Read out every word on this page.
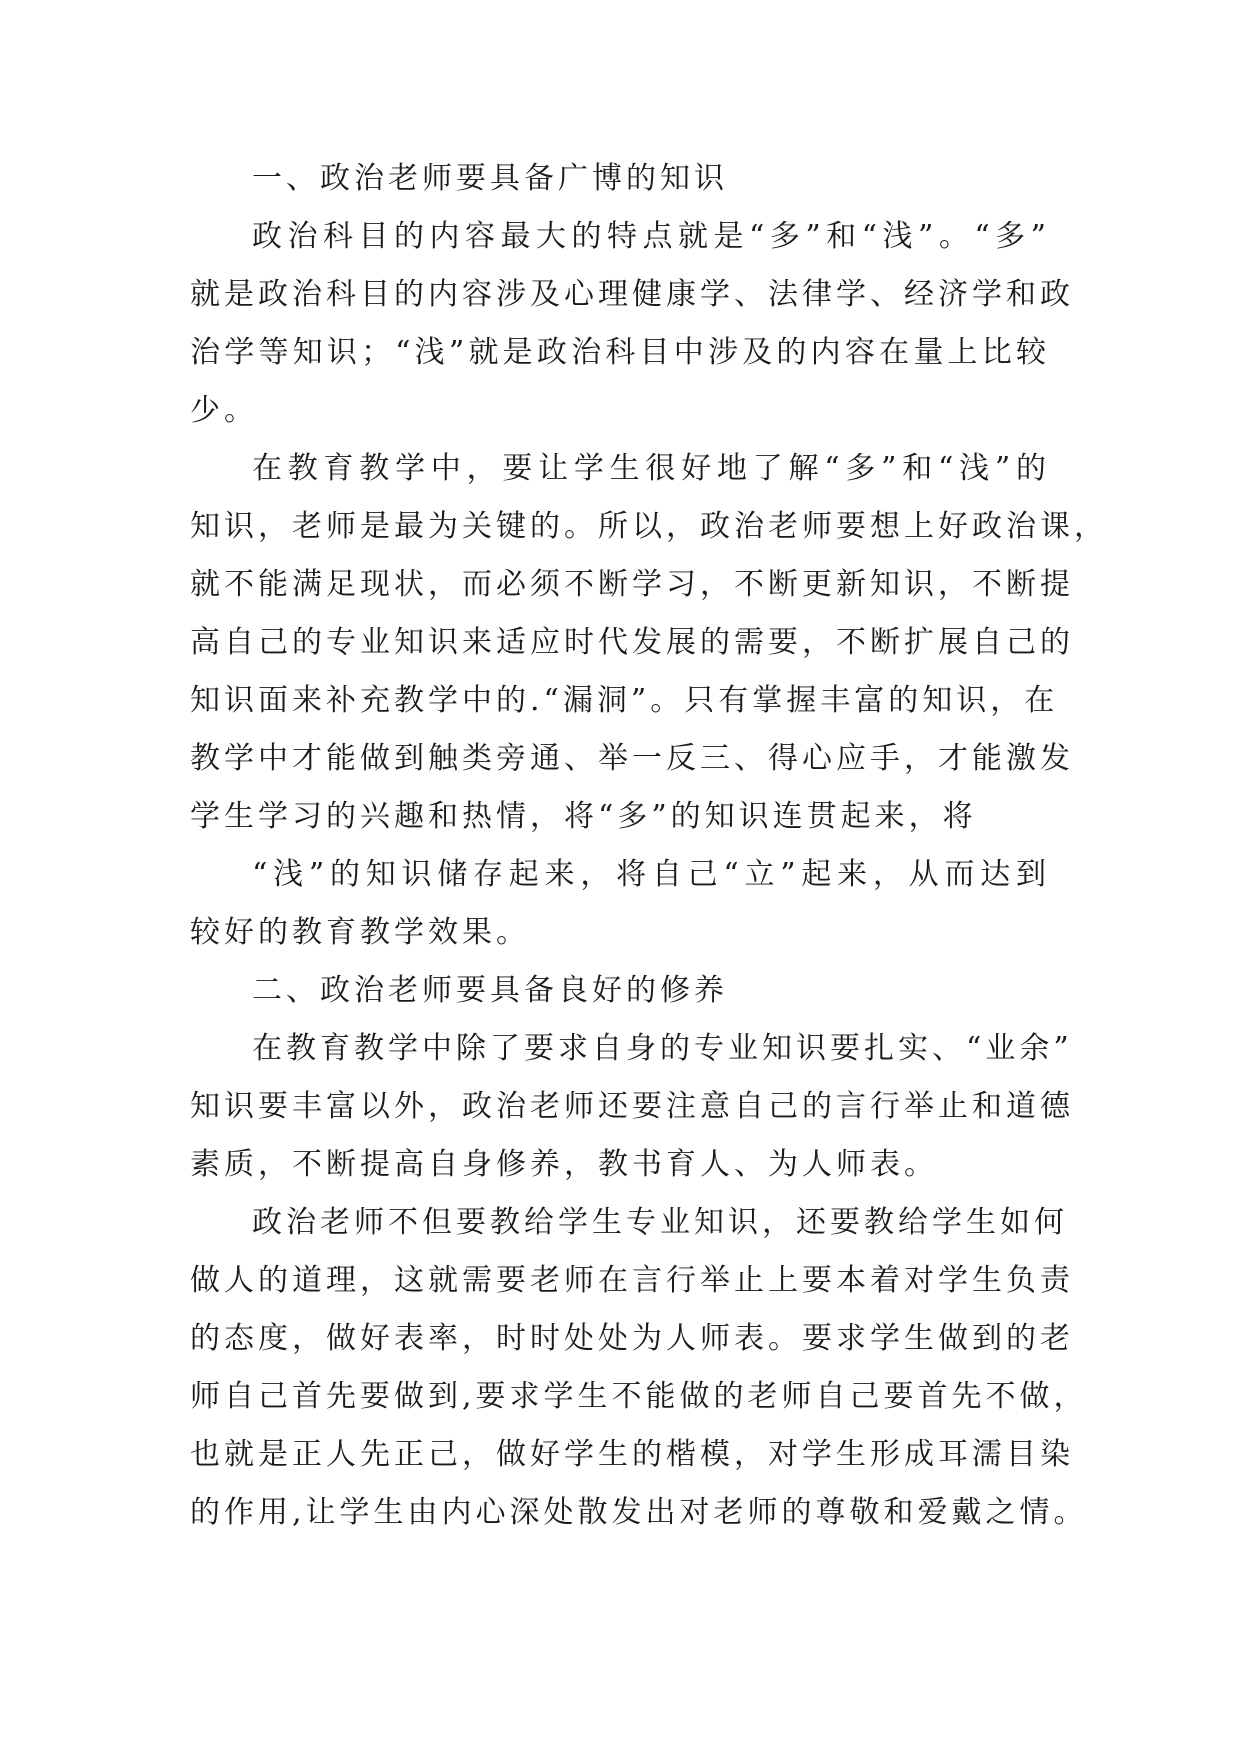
一、政治老师要具备广博的知识

政治科目的内容最大的特点就是“多”和“浅”。“多”
就是政治科目的内容涉及心理健康学、法律学、经济学和政
治学等知识；“浅”就是政治科目中涉及的内容在量上比较
少。

在教育教学中，要让学生很好地了解“多”和“浅”的
知识，老师是最为关键的。所以，政治老师要想上好政治课，
就不能满足现状，而必须不断学习，不断更新知识，不断提
高自己的专业知识来适应时代发展的需要，不断扩展自己的
知识面来补充教学中的.“漏洞”。只有掌握丰富的知识，在
教学中才能做到触类旁通、举一反三、得心应手，才能激发
学生学习的兴趣和热情，将“多”的知识连贯起来，将

“浅”的知识储存起来，将自己“立”起来，从而达到
较好的教育教学效果。

二、政治老师要具备良好的修养

在教育教学中除了要求自身的专业知识要扎实、“业余”
知识要丰富以外，政治老师还要注意自己的言行举止和道德
素质，不断提高自身修养，教书育人、为人师表。

政治老师不但要教给学生专业知识，还要教给学生如何
做人的道理，这就需要老师在言行举止上要本着对学生负责
的态度，做好表率，时时处处为人师表。要求学生做到的老
师自己首先要做到,要求学生不能做的老师自己要首先不做，
也就是正人先正己，做好学生的楷模，对学生形成耳濡目染
的作用,让学生由内心深处散发出对老师的尊敬和爱戴之情。
